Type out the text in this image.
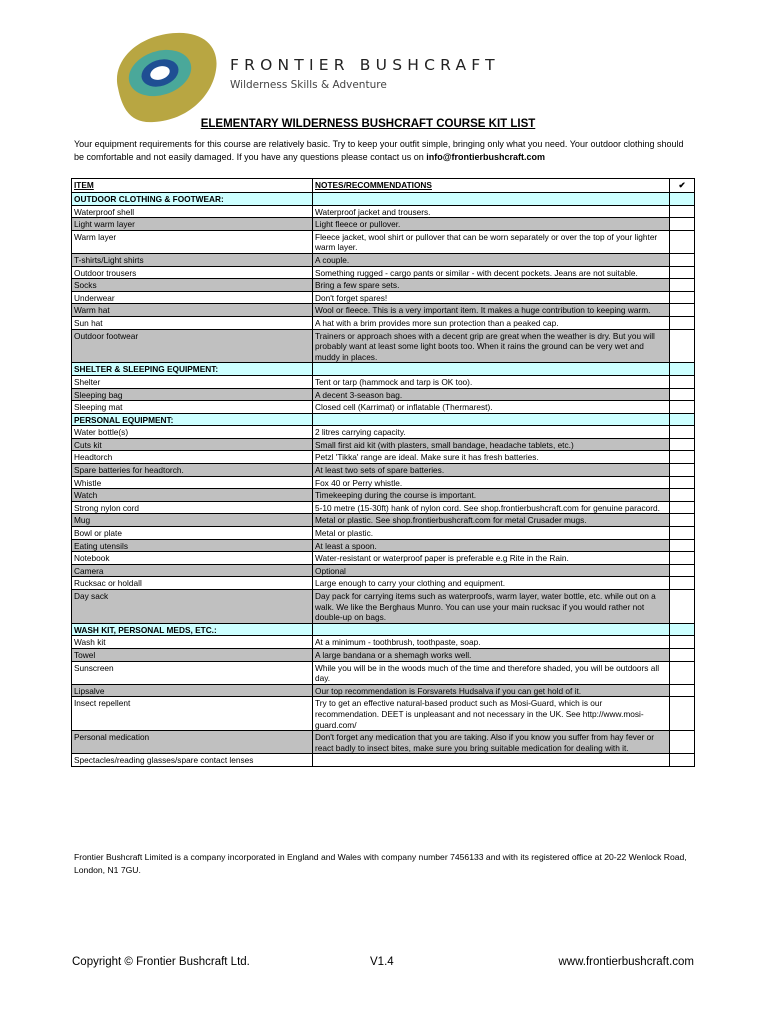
FRONTIER BUSHCRAFT
Wilderness Skills & Adventure
ELEMENTARY WILDERNESS BUSHCRAFT COURSE KIT LIST
Your equipment requirements for this course are relatively basic. Try to keep your outfit simple, bringing only what you need. Your outdoor clothing should be comfortable and not easily damaged. If you have any questions please contact us on info@frontierbushcraft.com
ITEM	NOTES/RECOMMENDATIONS	✔
OUTDOOR CLOTHING & FOOTWEAR:		
Waterproof shell	Waterproof jacket and trousers.	
Light warm layer	Light fleece or pullover.	
Warm layer	Fleece jacket, wool shirt or pullover that can be worn separately or over the top of your lighter warm layer.	
T-shirts/Light shirts	A couple.	
Outdoor trousers	Something rugged - cargo pants or similar - with decent pockets. Jeans are not suitable.	
Socks	Bring a few spare sets.	
Underwear	Don't forget spares!	
Warm hat	Wool or fleece. This is a very important item. It makes a huge contribution to keeping warm.	
Sun hat	A hat with a brim provides more sun protection than a peaked cap.	
Outdoor footwear	Trainers or approach shoes with a decent grip are great when the weather is dry. But you will probably want at least some light boots too. When it rains the ground can be very wet and muddy in places.	
SHELTER & SLEEPING EQUIPMENT:		
Shelter	Tent or tarp (hammock and tarp is OK too).	
Sleeping bag	A decent 3-season bag.	
Sleeping mat	Closed cell (Karrimat) or inflatable (Thermarest).	
PERSONAL EQUIPMENT:		
Water bottle(s)	2 litres carrying capacity.	
Cuts kit	Small first aid kit (with plasters, small bandage, headache tablets, etc.)	
Headtorch	Petzl 'Tikka' range are ideal. Make sure it has fresh batteries.	
Spare batteries for headtorch.	At least two sets of spare batteries.	
Whistle	Fox 40 or Perry whistle.	
Watch	Timekeeping during the course is important.	
Strong nylon cord	5-10 metre (15-30ft) hank of nylon cord. See shop.frontierbushcraft.com for genuine paracord.	
Mug	Metal or plastic. See shop.frontierbushcraft.com for metal Crusader mugs.	
Bowl or plate	Metal or plastic.	
Eating utensils	At least a spoon.	
Notebook	Water-resistant or waterproof paper is preferable e.g Rite in the Rain.	
Camera	Optional	
Rucksac or holdall	Large enough to carry your clothing and equipment.	
Day sack	Day pack for carrying items such as waterproofs, warm layer, water bottle, etc. while out on a walk. We like the Berghaus Munro. You can use your main rucksac if you would rather not double-up on bags.	
WASH KIT, PERSONAL MEDS, ETC.:		
Wash kit	At a minimum - toothbrush, toothpaste, soap.	
Towel	A large bandana or a shemagh works well.	
Sunscreen	While you will be in the woods much of the time and therefore shaded, you will be outdoors all day.	
Lipsalve	Our top recommendation is Forsvarets Hudsalva if you can get hold of it.	
Insect repellent	Try to get an effective natural-based product such as Mosi-Guard, which is our recommendation. DEET is unpleasant and not necessary in the UK. See http://www.mosi-guard.com/	
Personal medication	Don't forget any medication that you are taking. Also if you know you suffer from hay fever or react badly to insect bites, make sure you bring suitable medication for dealing with it.	
Spectacles/reading glasses/spare contact lenses		
Frontier Bushcraft Limited is a company incorporated in England and Wales with company number 7456133 and with its registered office at 20-22 Wenlock Road, London, N1 7GU.
Copyright © Frontier Bushcraft Ltd.	V1.4	www.frontierbushcraft.com
